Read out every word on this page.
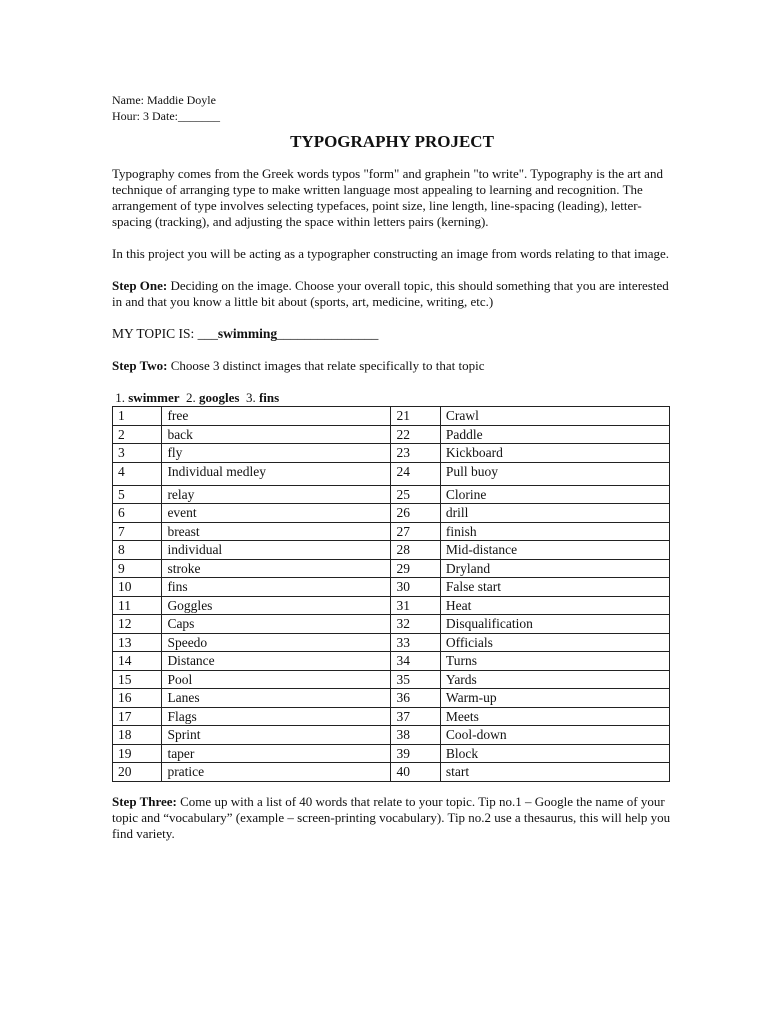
Name: Maddie Doyle
Hour: 3 Date:_______
TYPOGRAPHY PROJECT

Typography comes from the Greek words typos "form" and graphein "to write". Typography is the art and technique of arranging type to make written language most appealing to learning and recognition. The arrangement of type involves selecting typefaces, point size, line length, line-spacing (leading), letter-spacing (tracking), and adjusting the space within letters pairs (kerning).

In this project you will be acting as a typographer constructing an image from words relating to that image.

Step One: Deciding on the image. Choose your overall topic, this should something that you are interested in and that you know a little bit about (sports, art, medicine, writing, etc.)

MY TOPIC IS: ___swimming_______________

Step Two: Choose 3 distinct images that relate specifically to that topic

1. swimmer  2. googles  3. fins
1	free	21	Crawl
2	back	22	Paddle
3	fly	23	Kickboard
4	Individual medley	24	Pull buoy
5	relay	25	Clorine
6	event	26	drill
7	breast	27	finish
8	individual	28	Mid-distance
9	stroke	29	Dryland
10	fins	30	False start
11	Goggles	31	Heat
12	Caps	32	Disqualification
13	Speedo	33	Officials
14	Distance	34	Turns
15	Pool	35	Yards
16	Lanes	36	Warm-up
17	Flags	37	Meets
18	Sprint	38	Cool-down
19	taper	39	Block
20	pratice	40	start

Step Three: Come up with a list of 40 words that relate to your topic. Tip no.1 – Google the name of your topic and “vocabulary” (example – screen-printing vocabulary). Tip no.2 use a thesaurus, this will help you find variety.
